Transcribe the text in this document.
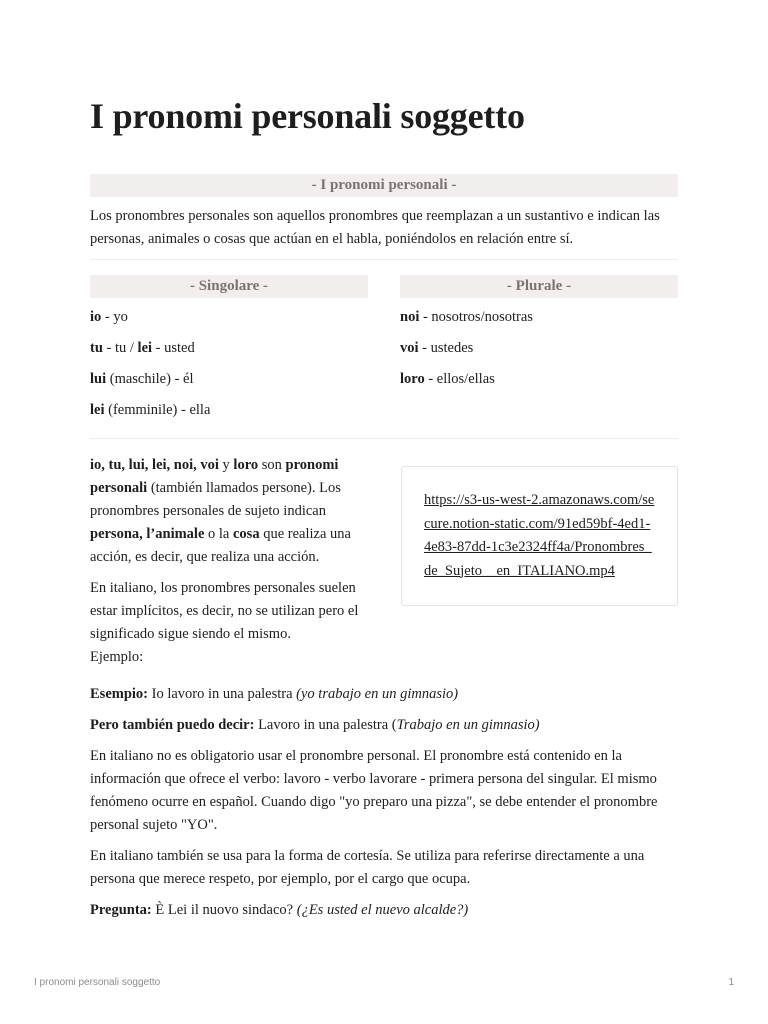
I pronomi personali soggetto
- I pronomi personali -

Los pronombres personales son aquellos pronombres que reemplazan a un sustantivo e indican las personas, animales o cosas que actúan en el habla, poniéndolos en relación entre sí.

- Singolare -

io - yo

tu - tu / lei - usted

lui (maschile) - él

lei (femminile) - ella

- Plurale -

noi - nosotros/nosotras

voi - ustedes

loro - ellos/ellas

io, tu, lui, lei, noi, voi y loro son pronomi personali (también llamados persone). Los pronombres personales de sujeto indican persona, l’animale o la cosa que realiza una acción, es decir, que realiza una acción.

En italiano, los pronombres personales suelen estar implícitos, es decir, no se utilizan pero el significado sigue siendo el mismo.
Ejemplo:

https://s3-us-west-2.amazonaws.com/secure.notion-static.com/91ed59bf-4ed1-4e83-87dd-1c3e2324ff4a/Pronombres_de_Sujeto__en_ITALIANO.mp4

Esempio: Io lavoro in una palestra (yo trabajo en un gimnasio)

Pero también puedo decir: Lavoro in una palestra (Trabajo en un gimnasio)

En italiano no es obligatorio usar el pronombre personal. El pronombre está contenido en la información que ofrece el verbo: lavoro - verbo lavorare - primera persona del singular. El mismo fenómeno ocurre en español. Cuando digo "yo preparo una pizza", se debe entender el pronombre personal sujeto "YO".

En italiano también se usa para la forma de cortesía. Se utiliza para referirse directamente a una persona que merece respeto, por ejemplo, por el cargo que ocupa.

Pregunta: È Lei il nuovo sindaco? (¿Es usted el nuevo alcalde?)

I pronomi personali soggetto	1
